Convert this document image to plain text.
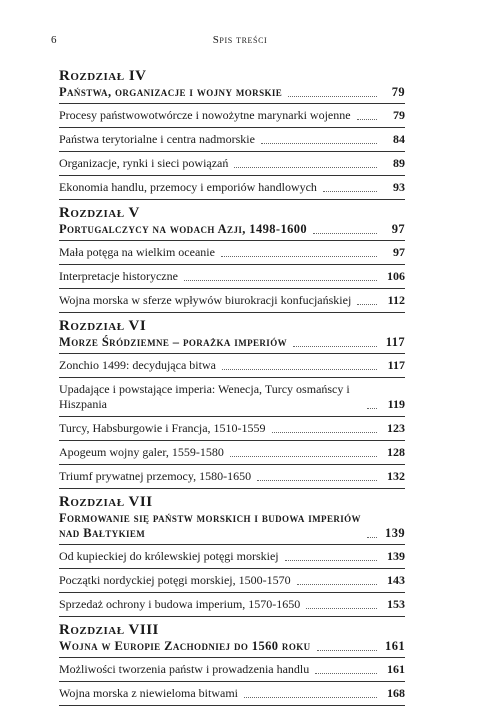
6	Spis treści
Rozdział IV
Państwa, organizacje i wojny morskie	79
Procesy państwowotwórcze i nowożytne marynarki wojenne	79
Państwa terytorialne i centra nadmorskie	84
Organizacje, rynki i sieci powiązań	89
Ekonomia handlu, przemocy i emporiów handlowych	93
Rozdział V
Portugalczycy na wodach Azji, 1498-1600	97
Mała potęga na wielkim oceanie	97
Interpretacje historyczne	106
Wojna morska w sferze wpływów biurokracji konfucjańskiej	112
Rozdział VI
Morze Śródziemne – porażka imperiów	117
Zonchio 1499: decydująca bitwa	117
Upadające i powstające imperia: Wenecja, Turcy osmańscy i Hiszpania	119
Turcy, Habsburgowie i Francja, 1510-1559	123
Apogeum wojny galer, 1559-1580	128
Triumf prywatnej przemocy, 1580-1650	132
Rozdział VII
Formowanie się państw morskich i budowa imperiów nad Bałtykiem	139
Od kupieckiej do królewskiej potęgi morskiej	139
Początki nordyckiej potęgi morskiej, 1500-1570	143
Sprzedaż ochrony i budowa imperium, 1570-1650	153
Rozdział VIII
Wojna w Europie Zachodniej do 1560 roku	161
Możliwości tworzenia państw i prowadzenia handlu	161
Wojna morska z niewieloma bitwami	168
